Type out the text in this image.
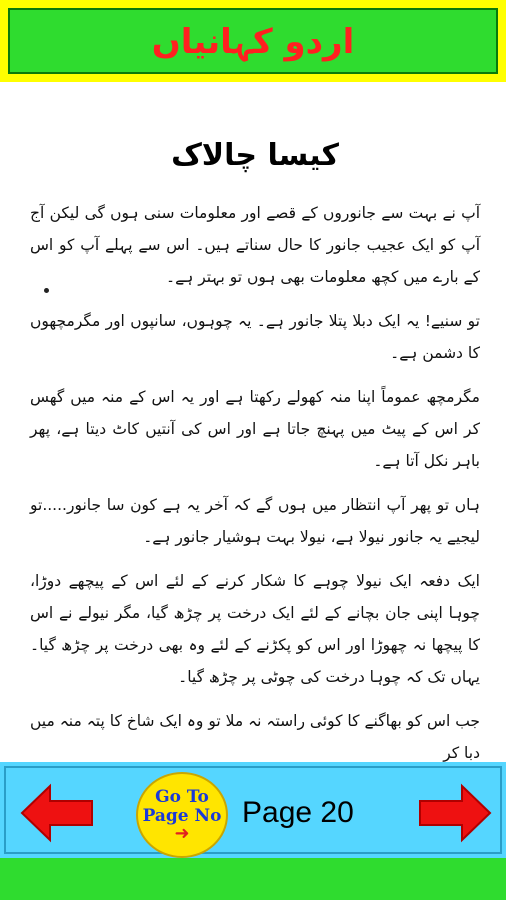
اردو کہانیاں
کیسا چالاک

آپ نے بہت سے جانوروں کے قصے اور معلومات سنی ہوں گی لیکن آج آپ کو ایک عجیب جانور کا حال سناتے ہیں۔ اس سے پہلے آپ کو اس کے بارے میں کچھ معلومات بھی ہوں تو بہتر ہے۔

تو سنیے! یہ ایک دبلا پتلا جانور ہے۔ یہ چوہوں، سانپوں اور مگرمچھوں کا دشمن ہے۔

مگرمچھ عموماً اپنا منہ کھولے رکھتا ہے اور یہ اس کے منہ میں گھس کر اس کے پیٹ میں پہنچ جاتا ہے اور اس کی آنتیں کاٹ دیتا ہے، پھر باہر نکل آتا ہے۔

ہاں تو پھر آپ انتظار میں ہوں گے کہ آخر یہ ہے کون سا جانور.....تو لیجیے یہ جانور نیولا ہے، نیولا بہت ہوشیار جانور ہے۔

ایک دفعہ ایک نیولا چوہے کا شکار کرنے کے لئے اس کے پیچھے دوڑا، چوہا اپنی جان بچانے کے لئے ایک درخت پر چڑھ گیا، مگر نیولے نے اس کا پیچھا نہ چھوڑا اور اس کو پکڑنے کے لئے وہ بھی درخت پر چڑھ گیا۔ یہاں تک کہ چوہا درخت کی چوٹی پر چڑھ گیا۔

جب اس کو بھاگنے کا کوئی راستہ نہ ملا تو وہ ایک شاخ کا پتہ منہ میں دبا کر

Go To
Page No
➜
Page 20
